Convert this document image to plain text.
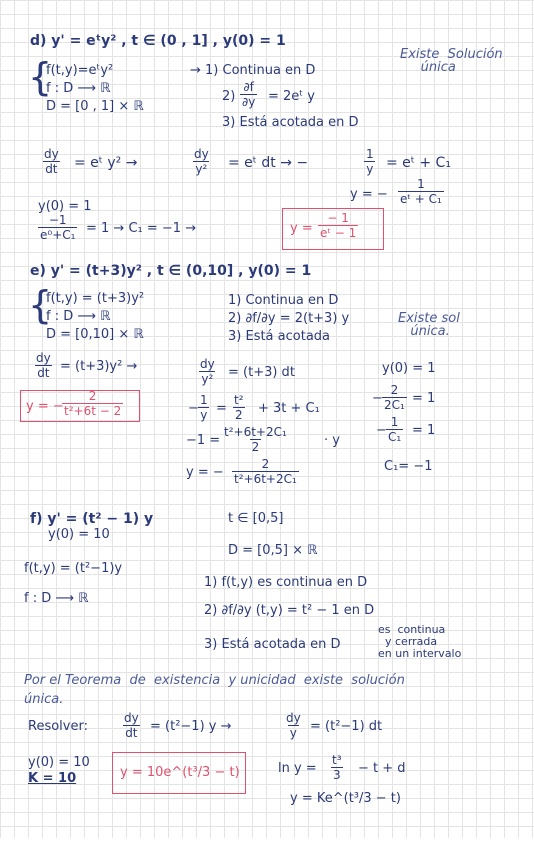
d) y' = eᵗy² , t ∈ (0 , 1] , y(0) = 1
Existe  Solución
única
{
f(t,y)=eᵗy²
f : D ⟶ ℝ
D = [0 , 1] × ℝ
→ 1) Continua en D
$2) \frac{\partial f}{\partial y}$ = 2eᵗ y
3) Está acotada en D
$\frac{dy}{dt}$ = eᵗ y² →	$\frac{dy}{\text{y²}}$ = eᵗ dt → −	$\frac{1}{y}$ = eᵗ + C₁
y = − $\frac{1}{\text{eᵗ + C₁}}$
y(0) = 1
$\frac{-1}{\text{e⁰+C₁}} = 1 \to C_1 = -1$ →	$y = \frac{- 1}{\text{eᵗ − 1}}$
e) y' = (t+3)y² , t ∈ (0,10] , y(0) = 1
{
f(t,y) = (t+3)y²
f : D ⟶ ℝ
D = [0,10] × ℝ
1) Continua en D
2) ∂f/∂y = 2(t+3) y
3) Está acotada
Existe sol
única.
$\frac{dy}{dt} = (t+3)y^2$ →
y = −
$\frac{2}{\text{t²+6t − 2}}$
$\frac{dy}{\text{y²}} = (t+3)$ dt
− $\frac{1}{y} = \frac{\text{t²}}{2} + 3t + C_1$
$-1 = \frac{\text{t²+6t+2C₁}}{2}$	· y
y = − $\frac{2}{\text{t²+6t+2C₁}}$
y(0) = 1
− $\frac{2}{\text{2C₁}} = 1$
− $\frac{1}{\text{C₁}} = 1$
C₁= −1
f) y' = (t² − 1) y
y(0) = 10
t ∈ [0,5]
D = [0,5] × ℝ
f(t,y) = (t²−1)y
f : D ⟶ ℝ
1) f(t,y) es continua en D
2) ∂f/∂y (t,y) = t² − 1 en D
3) Está acotada en D
es  continua
y cerrada
en un intervalo
Por el Teorema  de  existencia  y unicidad  existe  solución
única.
Resolver:	$\frac{dy}{dt} = (t^2-1) y$ →	$\frac{dy}{y} = (t^2-1)$ dt
y(0) = 10
K = 10	y = 10e^(t³/3 − t)	$\ln y = \frac{\text{t³}}{3} - t + d$
y = Ke^(t³/3 − t)
